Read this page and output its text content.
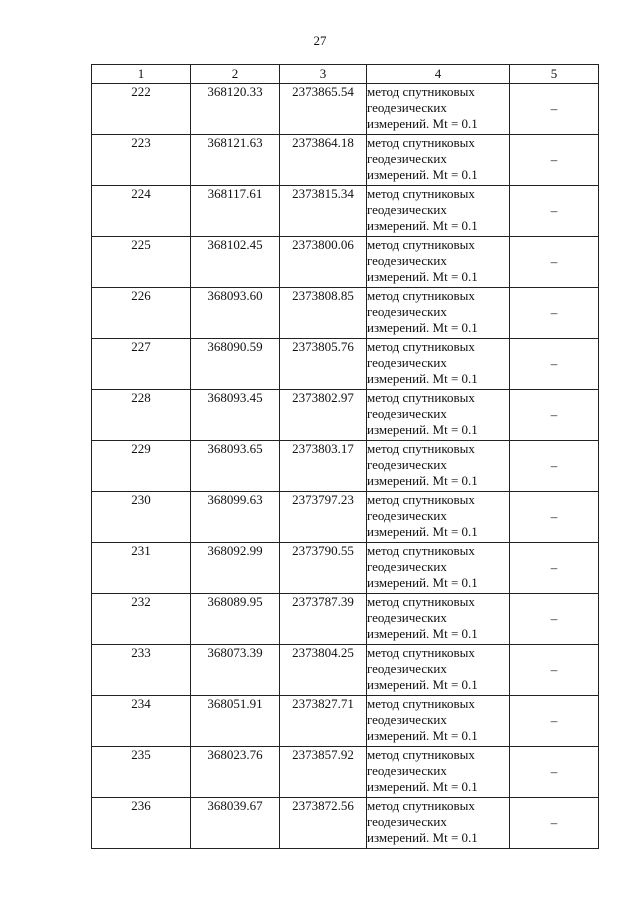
27
1	2	3	4	5
222	368120.33	2373865.54	метод спутниковых
геодезических
измерений. Mt = 0.1	–
223	368121.63	2373864.18	метод спутниковых
геодезических
измерений. Mt = 0.1	–
224	368117.61	2373815.34	метод спутниковых
геодезических
измерений. Mt = 0.1	–
225	368102.45	2373800.06	метод спутниковых
геодезических
измерений. Mt = 0.1	–
226	368093.60	2373808.85	метод спутниковых
геодезических
измерений. Mt = 0.1	–
227	368090.59	2373805.76	метод спутниковых
геодезических
измерений. Mt = 0.1	–
228	368093.45	2373802.97	метод спутниковых
геодезических
измерений. Mt = 0.1	–
229	368093.65	2373803.17	метод спутниковых
геодезических
измерений. Mt = 0.1	–
230	368099.63	2373797.23	метод спутниковых
геодезических
измерений. Mt = 0.1	–
231	368092.99	2373790.55	метод спутниковых
геодезических
измерений. Mt = 0.1	–
232	368089.95	2373787.39	метод спутниковых
геодезических
измерений. Mt = 0.1	–
233	368073.39	2373804.25	метод спутниковых
геодезических
измерений. Mt = 0.1	–
234	368051.91	2373827.71	метод спутниковых
геодезических
измерений. Mt = 0.1	–
235	368023.76	2373857.92	метод спутниковых
геодезических
измерений. Mt = 0.1	–
236	368039.67	2373872.56	метод спутниковых
геодезических
измерений. Mt = 0.1	–
